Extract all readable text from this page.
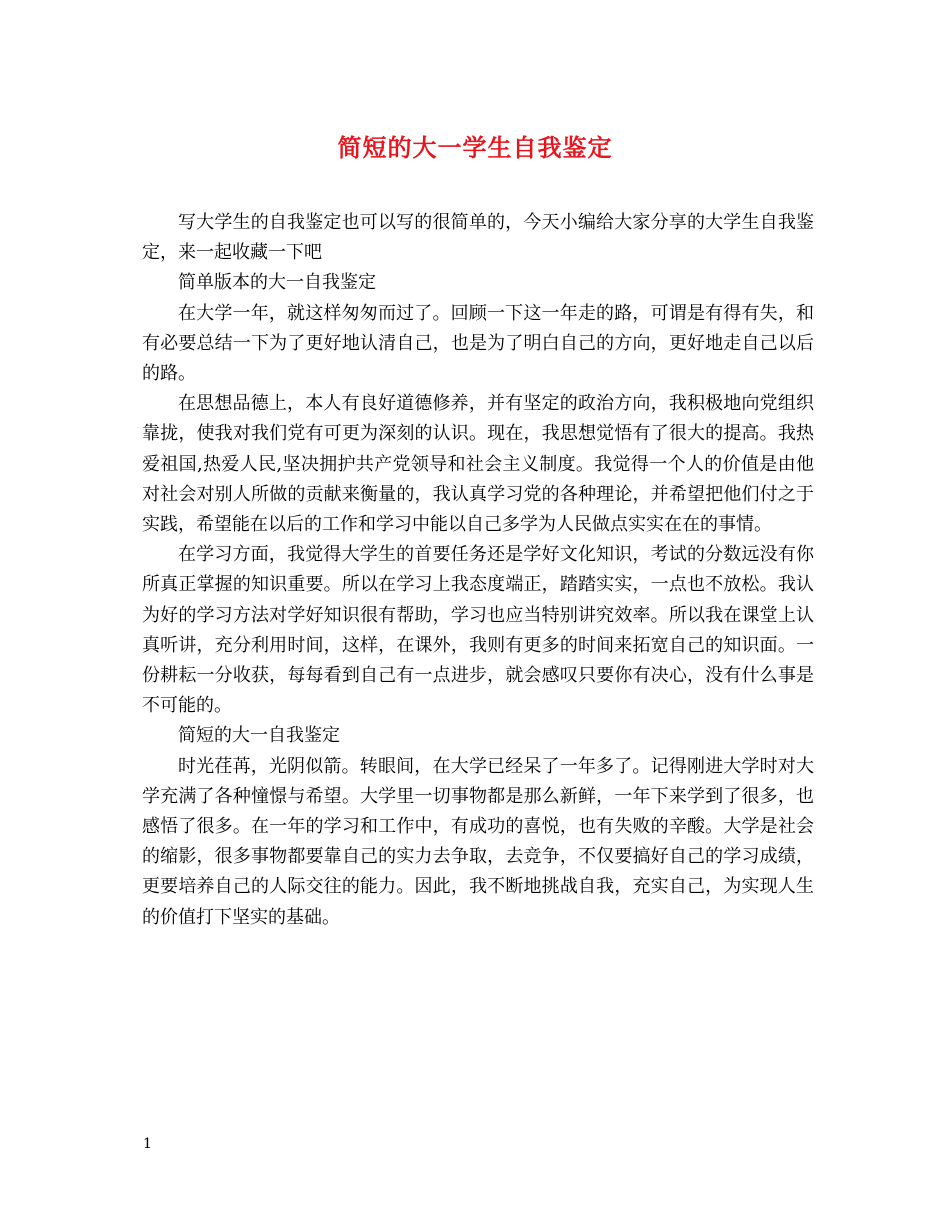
简短的大一学生自我鉴定

写大学生的自我鉴定也可以写的很简单的，今天小编给大家分享的大学生自我鉴定，来一起收藏一下吧

简单版本的大一自我鉴定

在大学一年，就这样匆匆而过了。回顾一下这一年走的路，可谓是有得有失，和有必要总结一下为了更好地认清自己，也是为了明白自己的方向，更好地走自己以后的路。

在思想品德上，本人有良好道德修养，并有坚定的政治方向，我积极地向党组织靠拢，使我对我们党有可更为深刻的认识。现在，我思想觉悟有了很大的提高。我热爱祖国,热爱人民,坚决拥护共产党领导和社会主义制度。我觉得一个人的价值是由他对社会对别人所做的贡献来衡量的，我认真学习党的各种理论，并希望把他们付之于实践，希望能在以后的工作和学习中能以自己多学为人民做点实实在在的事情。

在学习方面，我觉得大学生的首要任务还是学好文化知识，考试的分数远没有你所真正掌握的知识重要。所以在学习上我态度端正，踏踏实实，一点也不放松。我认为好的学习方法对学好知识很有帮助，学习也应当特别讲究效率。所以我在课堂上认真听讲，充分利用时间，这样，在课外，我则有更多的时间来拓宽自己的知识面。一份耕耘一分收获，每每看到自己有一点进步，就会感叹只要你有决心，没有什么事是不可能的。

简短的大一自我鉴定

时光荏苒，光阴似箭。转眼间，在大学已经呆了一年多了。记得刚进大学时对大学充满了各种憧憬与希望。大学里一切事物都是那么新鲜，一年下来学到了很多，也感悟了很多。在一年的学习和工作中，有成功的喜悦，也有失败的辛酸。大学是社会的缩影，很多事物都要靠自己的实力去争取，去竞争，不仅要搞好自己的学习成绩，更要培养自己的人际交往的能力。因此，我不断地挑战自我，充实自己，为实现人生的价值打下坚实的基础。

1
